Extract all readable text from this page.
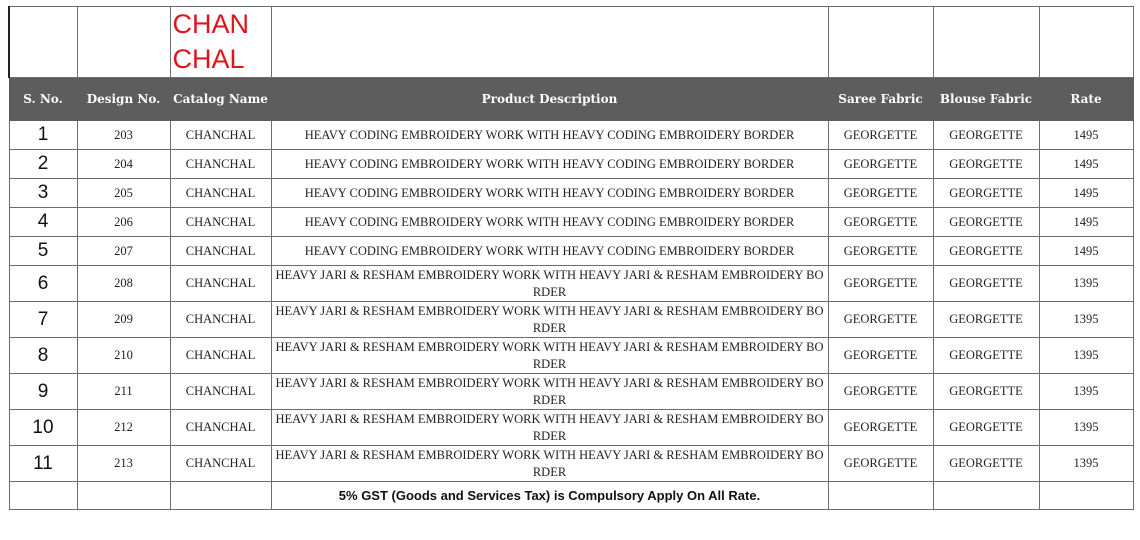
		CHAN
CHAL				

S. No.	Design No.	Catalog Name	Product Description	Saree Fabric	Blouse Fabric	Rate
1	203	CHANCHAL	HEAVY CODING EMBROIDERY WORK WITH HEAVY CODING EMBROIDERY BORDER	GEORGETTE	GEORGETTE	1495
2	204	CHANCHAL	HEAVY CODING EMBROIDERY WORK WITH HEAVY CODING EMBROIDERY BORDER	GEORGETTE	GEORGETTE	1495
3	205	CHANCHAL	HEAVY CODING EMBROIDERY WORK WITH HEAVY CODING EMBROIDERY BORDER	GEORGETTE	GEORGETTE	1495
4	206	CHANCHAL	HEAVY CODING EMBROIDERY WORK WITH HEAVY CODING EMBROIDERY BORDER	GEORGETTE	GEORGETTE	1495
5	207	CHANCHAL	HEAVY CODING EMBROIDERY WORK WITH HEAVY CODING EMBROIDERY BORDER	GEORGETTE	GEORGETTE	1495
6	208	CHANCHAL	HEAVY JARI & RESHAM EMBROIDERY WORK WITH HEAVY JARI & RESHAM EMBROIDERY BORDER	GEORGETTE	GEORGETTE	1395
7	209	CHANCHAL	HEAVY JARI & RESHAM EMBROIDERY WORK WITH HEAVY JARI & RESHAM EMBROIDERY BORDER	GEORGETTE	GEORGETTE	1395
8	210	CHANCHAL	HEAVY JARI & RESHAM EMBROIDERY WORK WITH HEAVY JARI & RESHAM EMBROIDERY BORDER	GEORGETTE	GEORGETTE	1395
9	211	CHANCHAL	HEAVY JARI & RESHAM EMBROIDERY WORK WITH HEAVY JARI & RESHAM EMBROIDERY BORDER	GEORGETTE	GEORGETTE	1395
10	212	CHANCHAL	HEAVY JARI & RESHAM EMBROIDERY WORK WITH HEAVY JARI & RESHAM EMBROIDERY BORDER	GEORGETTE	GEORGETTE	1395
11	213	CHANCHAL	HEAVY JARI & RESHAM EMBROIDERY WORK WITH HEAVY JARI & RESHAM EMBROIDERY BORDER	GEORGETTE	GEORGETTE	1395
			5% GST (Goods and Services Tax) is Compulsory Apply On All Rate.			
